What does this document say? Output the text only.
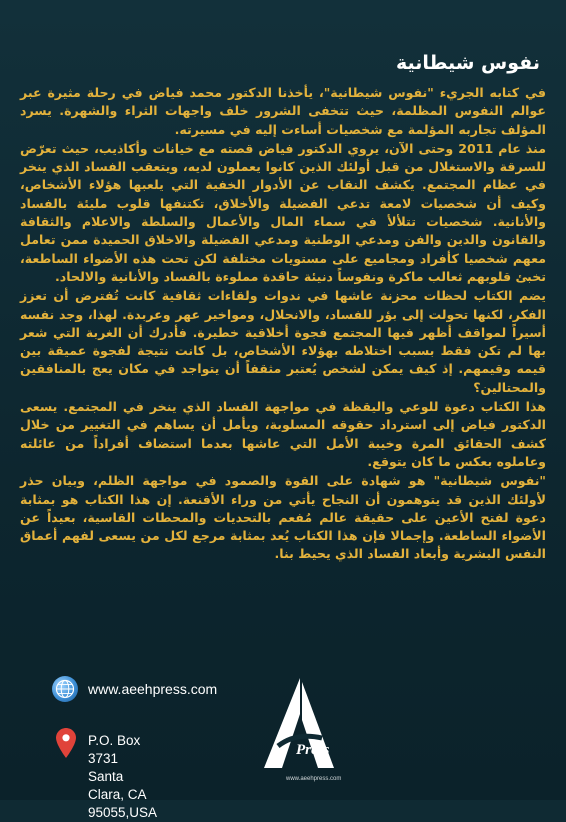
نفوس شيطانية

في كتابه الجريء "نفوس شيطانية"، يأخذنا الدكتور محمد فياض في رحلة مثيرة عبر عوالم النفوس المظلمة، حيث تتخفى الشرور خلف واجهات الثراء والشهرة. يسرد المؤلف تجاربه المؤلمة مع شخصيات أساءت إليه في مسيرته.

منذ عام 2011 وحتى الآن، يروي الدكتور فياض قصته مع خيانات وأكاذيب، حيث تعرّض للسرقة والاستغلال من قبل أولئك الذين كانوا يعملون لديه، ويتعقب الفساد الذي ينخر في عظام المجتمع. يكشف النقاب عن الأدوار الخفية التي يلعبها هؤلاء الأشخاص، وكيف أن شخصيات لامعة تدعي الفضيلة والأخلاق، تكتنفها قلوب مليئة بالفساد والأنانية. شخصيات تتلألأ في سماء المال والأعمال والسلطة والاعلام والثقافة والقانون والدين والفن ومدعي الوطنية ومدعي الفضيلة والاخلاق الحميدة ممن تعامل معهم شخصيا كأفراد ومجاميع على مستويات مختلفة لكن تحت هذه الأضواء الساطعة، تخبئ قلوبهم ثعالب ماكرة ونفوساً دنيئة حاقدة مملوءة بالفساد والأنانية والالحاد.

يضم الكتاب لحظات محزنة عاشها في ندوات ولقاءات ثقافية كانت تُفترض أن تعزز الفكر، لكنها تحولت إلى بؤر للفساد، والانحلال، ومواخير عهر وعربدة. لهذا، وجد نفسه أسيراً لمواقف أظهر فيها المجتمع فجوة أخلاقية خطيرة. فأدرك أن الغربة التي شعر بها لم تكن فقط بسبب اختلاطه بهؤلاء الأشخاص، بل كانت نتيجة لفجوة عميقة بين قيمه وقيمهم. إذ كيف يمكن لشخص يُعتبر مثقفاً أن يتواجد في مكان يعج بالمنافقين والمحتالين؟

هذا الكتاب دعوة للوعي واليقظة في مواجهة الفساد الذي ينخر في المجتمع. يسعى الدكتور فياض إلى استرداد حقوقه المسلوبة، ويأمل أن يساهم في التغيير من خلال كشف الحقائق المرة وخيبة الأمل التي عاشها بعدما استضاف أفراداً من عائلته وعاملوه بعكس ما كان يتوقع.

"نفوس شيطانية" هو شهادة على القوة والصمود في مواجهة الظلم، وبيان حذر لأولئك الذين قد يتوهمون أن النجاح يأتي من وراء الأقنعة. إن هذا الكتاب هو بمثابة دعوة لفتح الأعين على حقيقة عالم مُفعم بالتحديات والمحطات القاسية، بعيداً عن الأضواء الساطعة. وإجمالا فإن هذا الكتاب يُعد بمثابة مرجع لكل من يسعى لفهم أعماق النفس البشرية وأبعاد الفساد الذي يحيط بنا.

www.aeehpress.com
P.O. Box 3731
Santa Clara, CA 95055,USA
Press
www.aeehpress.com
